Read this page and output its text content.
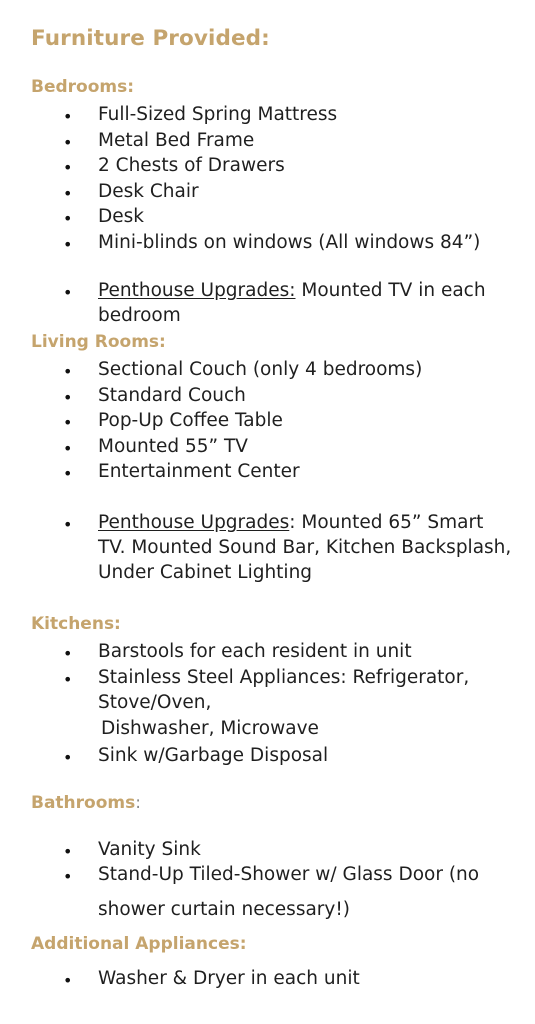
Furniture Provided:
Bedrooms:
• Full-Sized Spring Mattress
• Metal Bed Frame
• 2 Chests of Drawers
• Desk Chair
• Desk
• Mini-blinds on windows (All windows 84”)
• Penthouse Upgrades: Mounted TV in each
bedroom
Living Rooms:
• Sectional Couch (only 4 bedrooms)
• Standard Couch
• Pop-Up Coffee Table
• Mounted 55” TV
• Entertainment Center
• Penthouse Upgrades: Mounted 65” Smart
TV. Mounted Sound Bar, Kitchen Backsplash,
Under Cabinet Lighting
Kitchens:
• Barstools for each resident in unit
• Stainless Steel Appliances: Refrigerator,
Stove/Oven,
Dishwasher, Microwave
• Sink w/Garbage Disposal
Bathrooms:
• Vanity Sink
• Stand-Up Tiled-Shower w/ Glass Door (no
shower curtain necessary!)
Additional Appliances:
• Washer & Dryer in each unit
